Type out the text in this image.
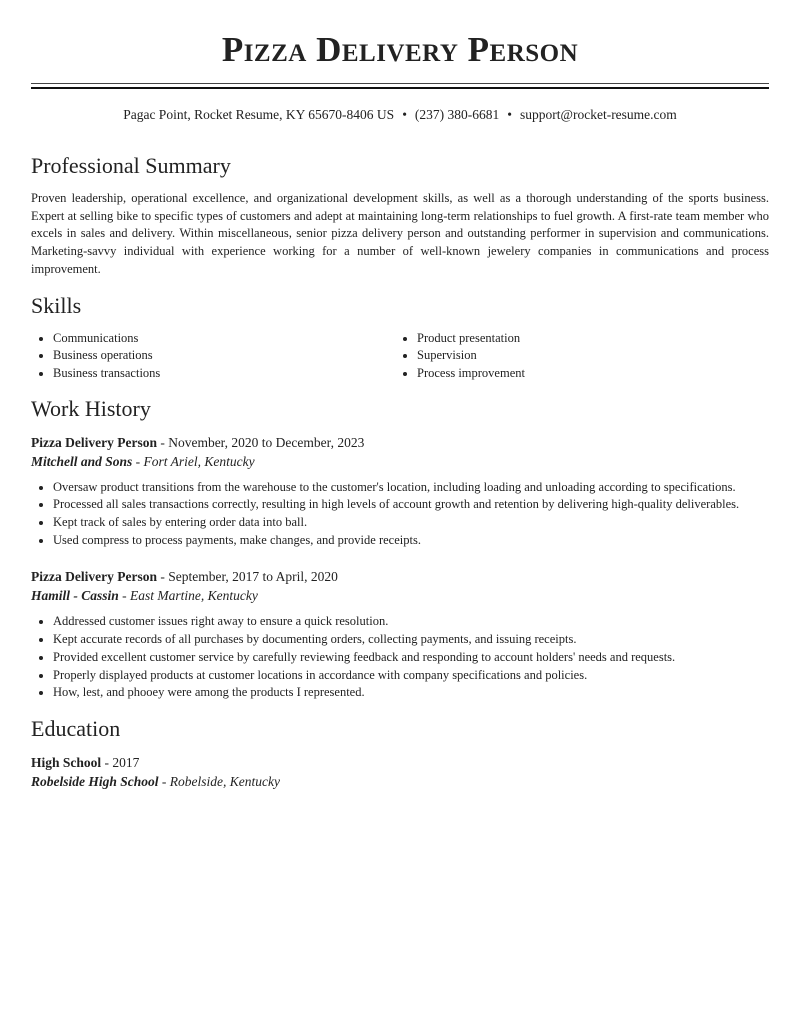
Pizza Delivery Person
Pagac Point, Rocket Resume, KY 65670-8406 US • (237) 380-6681 • support@rocket-resume.com
Professional Summary

Proven leadership, operational excellence, and organizational development skills, as well as a thorough understanding of the sports business. Expert at selling bike to specific types of customers and adept at maintaining long-term relationships to fuel growth. A first-rate team member who excels in sales and delivery. Within miscellaneous, senior pizza delivery person and outstanding performer in supervision and communications. Marketing-savvy individual with experience working for a number of well-known jewelery companies in communications and process improvement.

Skills
• Communications
• Business operations
• Business transactions
• Product presentation
• Supervision
• Process improvement
Work History
Pizza Delivery Person - November, 2020 to December, 2023
Mitchell and Sons - Fort Ariel, Kentucky
• Oversaw product transitions from the warehouse to the customer's location, including loading and unloading according to specifications.
• Processed all sales transactions correctly, resulting in high levels of account growth and retention by delivering high-quality deliverables.
• Kept track of sales by entering order data into ball.
• Used compress to process payments, make changes, and provide receipts.
Pizza Delivery Person - September, 2017 to April, 2020
Hamill - Cassin - East Martine, Kentucky
• Addressed customer issues right away to ensure a quick resolution.
• Kept accurate records of all purchases by documenting orders, collecting payments, and issuing receipts.
• Provided excellent customer service by carefully reviewing feedback and responding to account holders' needs and requests.
• Properly displayed products at customer locations in accordance with company specifications and policies.
• How, lest, and phooey were among the products I represented.
Education
High School - 2017
Robelside High School - Robelside, Kentucky
